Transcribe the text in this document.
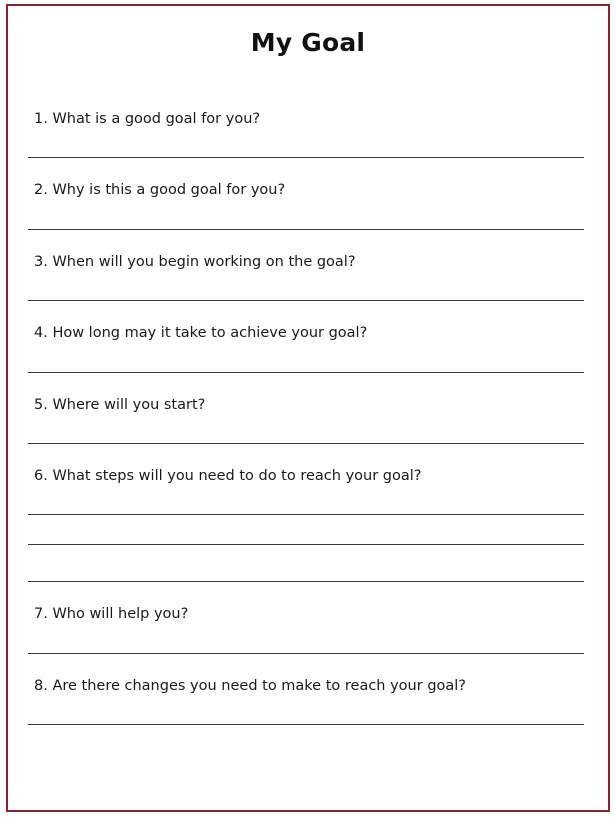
My Goal

1. What is a good goal for you?

2. Why is this a good goal for you?

3. When will you begin working on the goal?

4. How long may it take to achieve your goal?

5. Where will you start?

6. What steps will you need to do to reach your goal?

7. Who will help you?

8. Are there changes you need to make to reach your goal?
